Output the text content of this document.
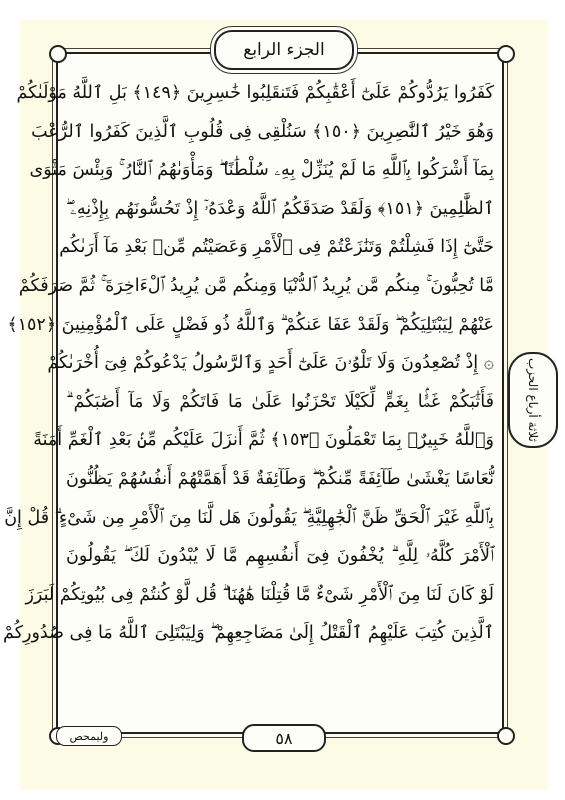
الجزء الرابع
كَفَرُوا يَرُدُّوكُمْ عَلَىٰٓ أَعْقَٰبِكُمْ فَتَنقَلِبُوا خَٰسِرِينَ ﴿١٤٩﴾ بَلِ ٱللَّهُ مَوْلَىٰكُمْ
وَهُوَ خَيْرُ ٱلنَّٰصِرِينَ ﴿١٥٠﴾ سَنُلْقِى فِى قُلُوبِ ٱلَّذِينَ كَفَرُوا ٱلرُّعْبَ
بِمَآ أَشْرَكُوا بِٱللَّهِ مَا لَمْ يُنَزِّلْ بِهِۦ سُلْطَٰنًا ۖ وَمَأْوَىٰهُمُ ٱلنَّارُ ۚ وَبِئْسَ مَثْوَى
ٱلظَّٰلِمِينَ ﴿١٥١﴾ وَلَقَدْ صَدَقَكُمُ ٱللَّهُ وَعْدَهُۥٓ إِذْ تَحُسُّونَهُم بِإِذْنِهِۦ ۖ
حَتَّىٰٓ إِذَا فَشِلْتُمْ وَتَنَٰزَعْتُمْ فِى ٱلْأَمْرِ وَعَصَيْتُم مِّنۢ بَعْدِ مَآ أَرَىٰكُم
مَّا تُحِبُّونَ ۚ مِنكُم مَّن يُرِيدُ ٱلدُّنْيَا وَمِنكُم مَّن يُرِيدُ ٱلْءَاخِرَةَ ۚ ثُمَّ صَرَفَكُمْ
عَنْهُمْ لِيَبْتَلِيَكُمْ ۖ وَلَقَدْ عَفَا عَنكُمْ ۗ وَٱللَّهُ ذُو فَضْلٍ عَلَى ٱلْمُؤْمِنِينَ ﴿١٥٢﴾
۞ إِذْ تُصْعِدُونَ وَلَا تَلْوُۥنَ عَلَىٰٓ أَحَدٍ وَٱلرَّسُولُ يَدْعُوكُمْ فِىٓ أُخْرَىٰكُمْ
فَأَثَٰبَكُمْ غَمًّۢا بِغَمٍّ لِّكَيْلَا تَحْزَنُوا عَلَىٰ مَا فَاتَكُمْ وَلَا مَآ أَصَٰبَكُمْ ۗ
وَٱللَّهُ خَبِيرٌۢ بِمَا تَعْمَلُونَ ﴿١٥٣﴾ ثُمَّ أَنزَلَ عَلَيْكُم مِّنۢ بَعْدِ ٱلْغَمِّ أَمَنَةً
نُّعَاسًا يَغْشَىٰ طَآئِفَةً مِّنكُمْ ۖ وَطَآئِفَةٌ قَدْ أَهَمَّتْهُمْ أَنفُسُهُمْ يَظُنُّونَ
بِٱللَّهِ غَيْرَ ٱلْحَقِّ ظَنَّ ٱلْجَٰهِلِيَّةِ ۖ يَقُولُونَ هَل لَّنَا مِنَ ٱلْأَمْرِ مِن شَىْءٍ ۗ قُلْ إِنَّ
ٱلْأَمْرَ كُلَّهُۥ لِلَّهِ ۗ يُخْفُونَ فِىٓ أَنفُسِهِم مَّا لَا يُبْدُونَ لَكَ ۖ يَقُولُونَ
لَوْ كَانَ لَنَا مِنَ ٱلْأَمْرِ شَىْءٌ مَّا قُتِلْنَا هَٰهُنَا ۗ قُل لَّوْ كُنتُمْ فِى بُيُوتِكُمْ لَبَرَزَ
ٱلَّذِينَ كُتِبَ عَلَيْهِمُ ٱلْقَتْلُ إِلَىٰ مَضَاجِعِهِمْ ۖ وَلِيَبْتَلِىَ ٱللَّهُ مَا فِى صُدُورِكُمْ
ثلاثة أرباع الحزب
وليمحص	٥٨
